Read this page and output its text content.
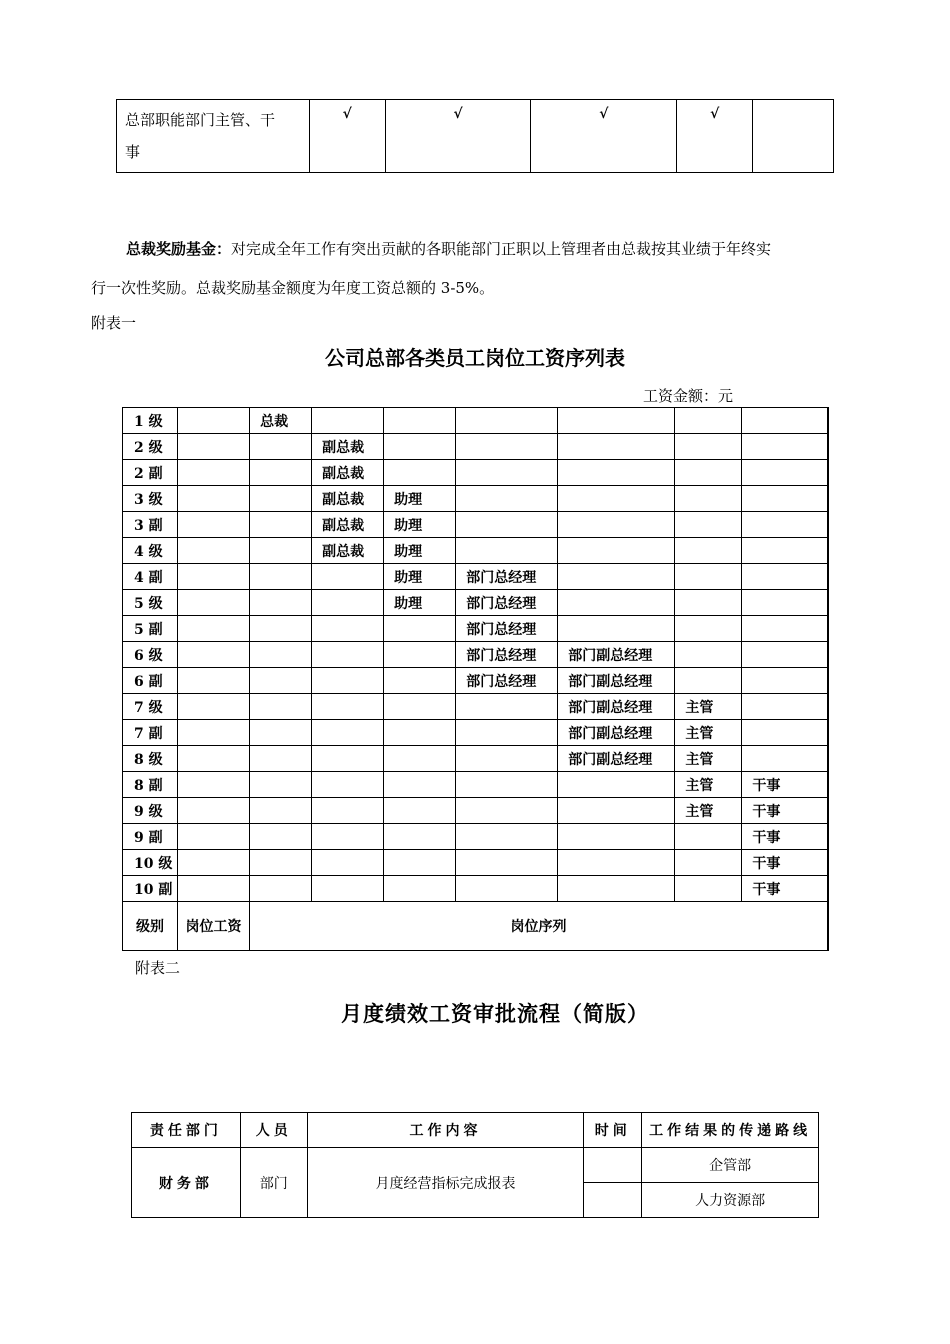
总部职能部门主管、干
事	√	√	√	√	
总裁奖励基金：对完成全年工作有突出贡献的各职能部门正职以上管理者由总裁按其业绩于年终实
行一次性奖励。总裁奖励基金额度为年度工资总额的 3-5%。
附表一
公司总部各类员工岗位工资序列表
工资金额：元
1 级		总裁						
2 级			副总裁					
2 副			副总裁					
3 级			副总裁	助理				
3 副			副总裁	助理				
4 级			副总裁	助理				
4 副				助理	部门总经理			
5 级				助理	部门总经理			
5 副					部门总经理			
6 级					部门总经理	部门副总经理		
6 副					部门总经理	部门副总经理		
7 级						部门副总经理	主管	
7 副						部门副总经理	主管	
8 级						部门副总经理	主管	
8 副							主管	干事
9 级							主管	干事
9 副								干事
10 级								干事
10 副								干事
级别	岗位工资	岗位序列						
附表二
月度绩效工资审批流程（简版）
责任部门	人员	工作内容	时间	工作结果的传递路线
财务部	部门	月度经营指标完成报表		企管部
				人力资源部
